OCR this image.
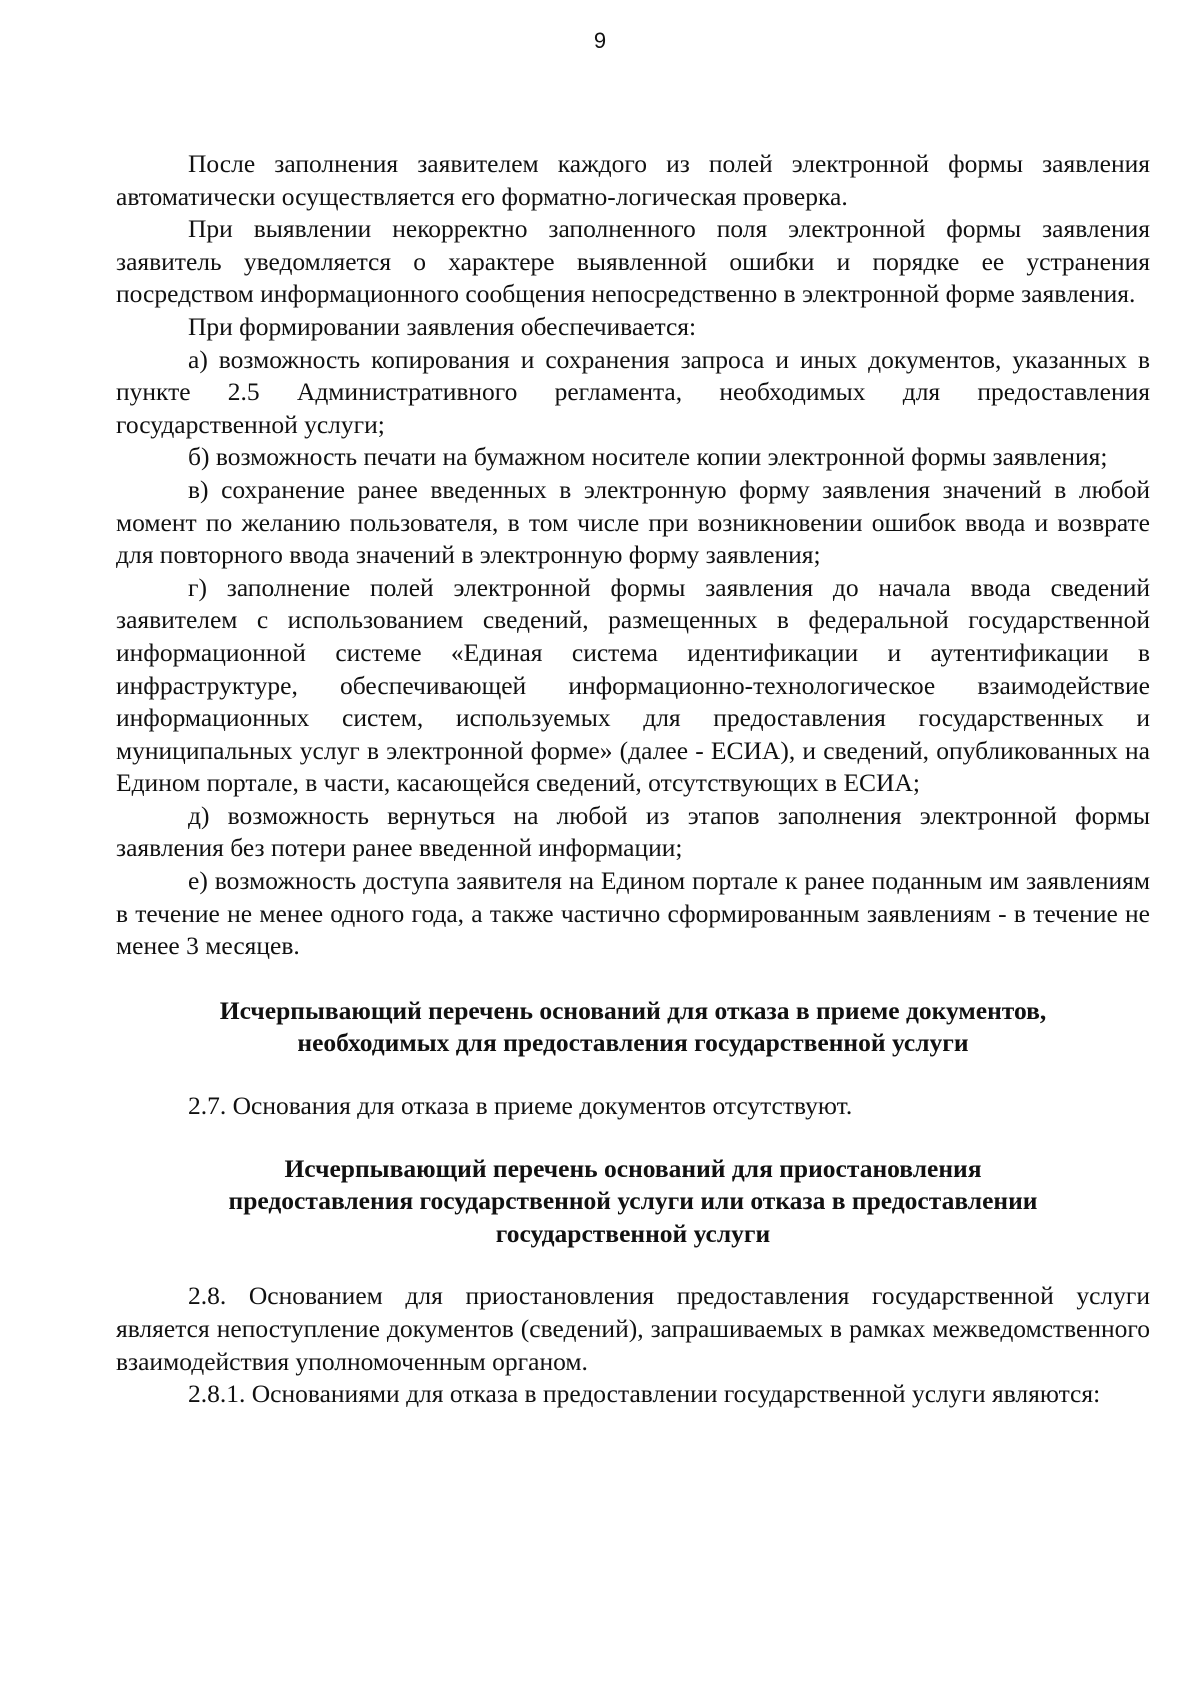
9

После заполнения заявителем каждого из полей электронной формы заявления автоматически осуществляется его форматно-логическая проверка.

При выявлении некорректно заполненного поля электронной формы заявления заявитель уведомляется о характере выявленной ошибки и порядке ее устранения посредством информационного сообщения непосредственно в электронной форме заявления.

При формировании заявления обеспечивается:

а) возможность копирования и сохранения запроса и иных документов, указанных в пункте 2.5 Административного регламента, необходимых для предоставления государственной услуги;

б) возможность печати на бумажном носителе копии электронной формы заявления;

в) сохранение ранее введенных в электронную форму заявления значений в любой момент по желанию пользователя, в том числе при возникновении ошибок ввода и возврате для повторного ввода значений в электронную форму заявления;

г) заполнение полей электронной формы заявления до начала ввода сведений заявителем с использованием сведений, размещенных в федеральной государственной информационной системе «Единая система идентификации и аутентификации в инфраструктуре, обеспечивающей информационно-технологическое взаимодействие информационных систем, используемых для предоставления государственных и муниципальных услуг в электронной форме» (далее - ЕСИА), и сведений, опубликованных на Едином портале, в части, касающейся сведений, отсутствующих в ЕСИА;

д) возможность вернуться на любой из этапов заполнения электронной формы заявления без потери ранее введенной информации;

е) возможность доступа заявителя на Едином портале к ранее поданным им заявлениям в течение не менее одного года, а также частично сформированным заявлениям - в течение не менее 3 месяцев.

Исчерпывающий перечень оснований для отказа в приеме документов,

необходимых для предоставления государственной услуги

2.7. Основания для отказа в приеме документов отсутствуют.

Исчерпывающий перечень оснований для приостановления

предоставления государственной услуги или отказа в предоставлении

государственной услуги

2.8. Основанием для приостановления предоставления государственной услуги является непоступление документов (сведений), запрашиваемых в рамках межведомственного взаимодействия уполномоченным органом.

2.8.1. Основаниями для отказа в предоставлении государственной услуги являются:
